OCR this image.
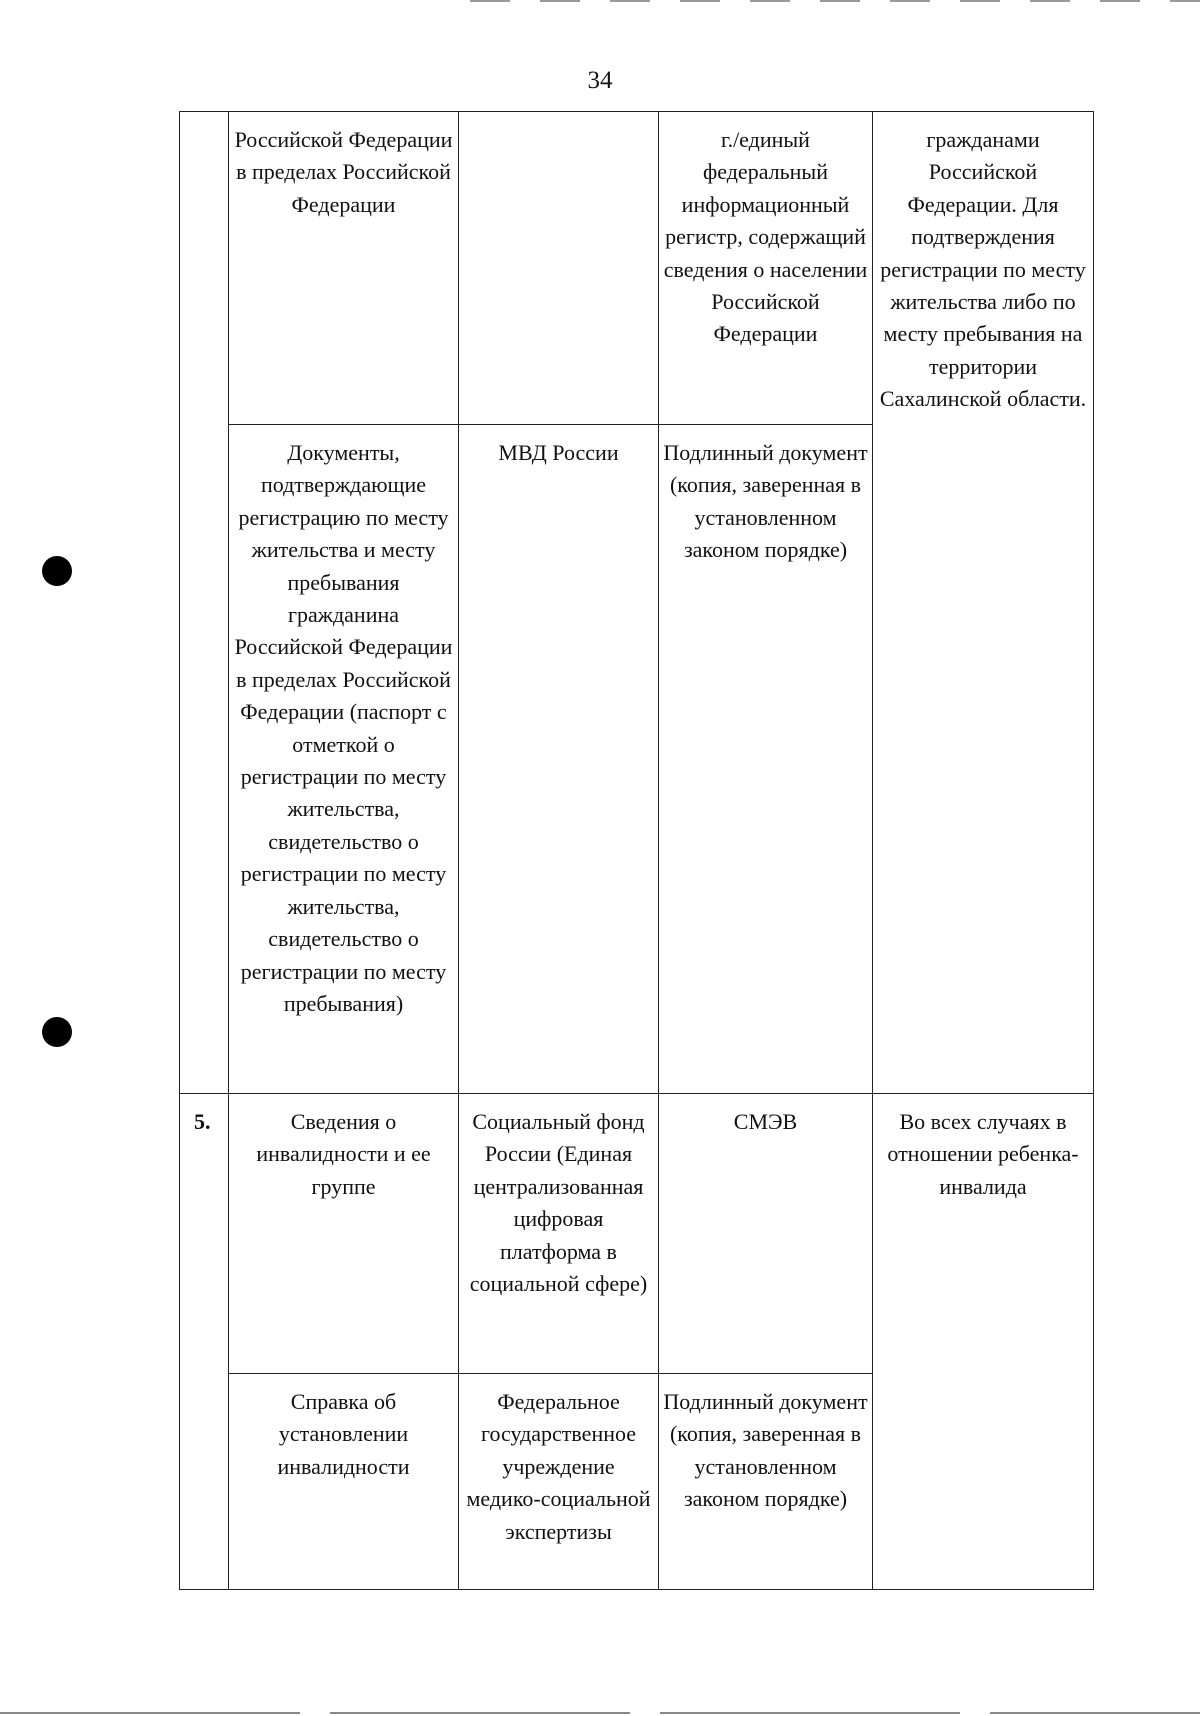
34
	Российской Федерации в пределах Российской Федерации		г./единый федеральный информационный регистр, содержащий сведения о населении Российской Федерации	гражданами Российской Федерации. Для подтверждения регистрации по месту жительства либо по месту пребывания на территории Сахалинской области.
	Документы, подтверждающие регистрацию по месту жительства и месту пребывания гражданина Российской Федерации в пределах Российской Федерации (паспорт с отметкой о регистрации по месту жительства, свидетельство о регистрации по месту жительства, свидетельство о регистрации по месту пребывания)	МВД России	Подлинный документ (копия, заверенная в установленном законом порядке)	
5.	Сведения о инвалидности и ее группе	Социальный фонд России (Единая централизованная цифровая платформа в социальной сфере)	СМЭВ	Во всех случаях в отношении ребенка-инвалида
	Справка об установлении инвалидности	Федеральное государственное учреждение медико-социальной экспертизы	Подлинный документ (копия, заверенная в установленном законом порядке)	
